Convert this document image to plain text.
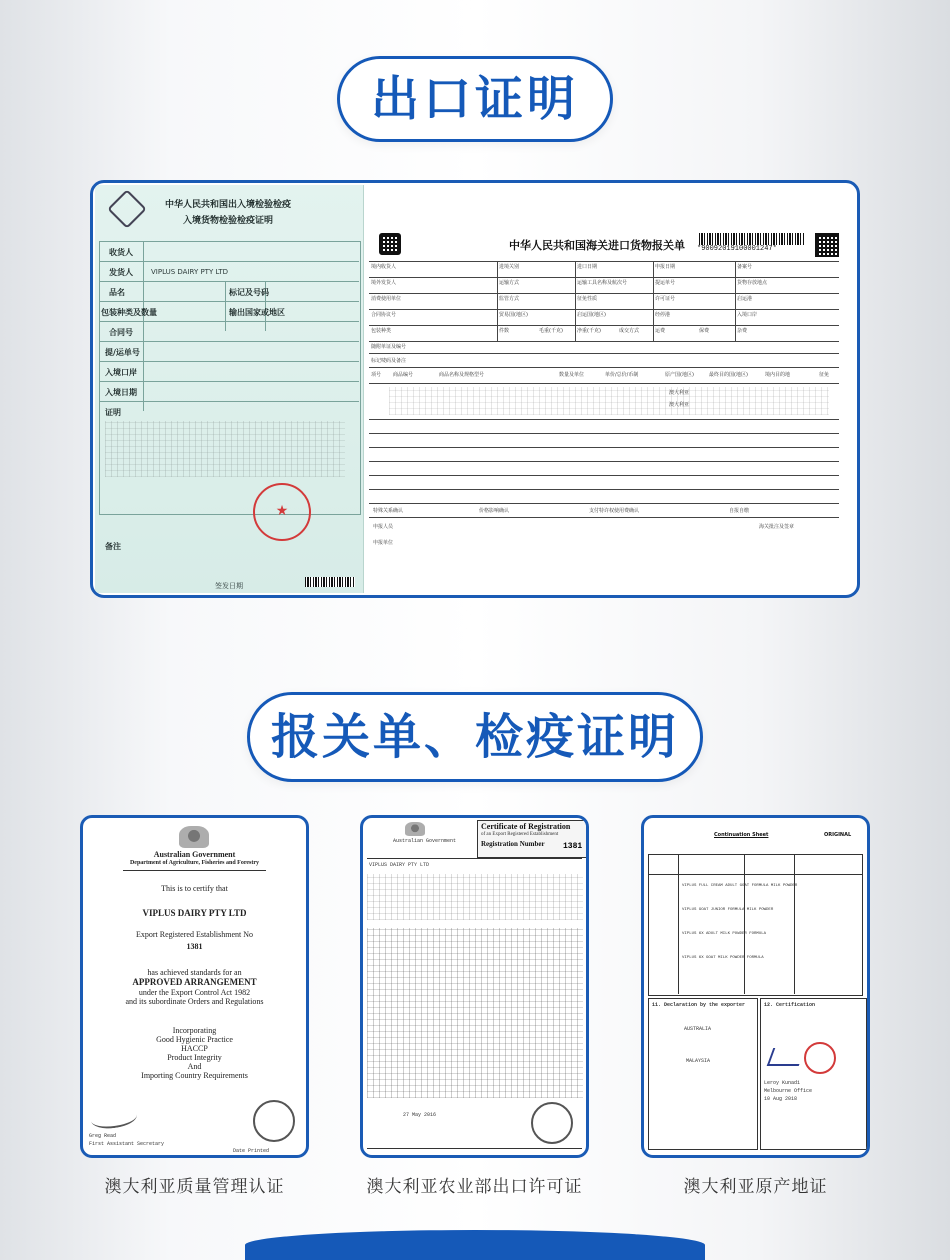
出口证明
中华人民共和国出入境检验检疫
入境货物检验检疫证明
收货人
发货人	VIPLUS DAIRY PTY LTD
品名	标记及号码
包装种类及数量	输出国家或地区
合同号
提/运单号
入境口岸
入境日期
证明
★
备注
签发日期
中华人民共和国海关进口货物报关单 *90092019100001247*
境内收货人	进境关别	进口日期	申报日期	备案号
境外发货人	运输方式	运输工具名称及航次号	提运单号	货物存放地点
消费使用单位	监管方式	征免性质	许可证号	启运港
合同协议号	贸易国(地区)	启运国(地区)	经停港	入境口岸
包装种类	件数	毛重(千克)	净重(千克)	成交方式	运费	保费	杂费
随附单证及编号
标记唛码及备注
项号 商品编号	商品名称及规格型号	数量及单位	单价/总价/币制	原产国(地区)	最终目的国(地区)	境内目的地	征免
澳大利亚
澳大利亚
特殊关系确认	价格影响确认	支付特许权使用费确认	自报自缴
申报人员
申报单位
海关批注及签章
报关单、检疫证明
Australian Government
Department of Agriculture, Fisheries and Forestry
This is to certify that
VIPLUS DAIRY PTY LTD
Export Registered Establishment No
1381
has achieved standards for an
APPROVED ARRANGEMENT
under the Export Control Act 1982
and its subordinate Orders and Regulations
Incorporating
Good Hygienic Practice
HACCP
Product Integrity
And
Importing Country Requirements
Greg Read
First Assistant Secretary
Date Printed
澳大利亚质量管理认证
Certificate of Registration
of an Export Registered Establishment
Registration Number 1381
Australian Government
VIPLUS DAIRY PTY LTD
27 May 2016
澳大利亚农业部出口许可证
Continuation Sheet	ORIGINAL
VIPLUS FULL CREAM ADULT GOAT FORMULA MILK POWDER
VIPLUS GOAT JUNIOR FORMULA MILK POWDER
VIPLUS 6X ADULT MILK POWDER FORMULA
VIPLUS 6X GOAT MILK POWDER FORMULA
11. Declaration by the exporter	12. Certification
AUSTRALIA
MALAYSIA
Leroy Kunadi
Melbourne Office
10 Aug 2018
澳大利亚原产地证
